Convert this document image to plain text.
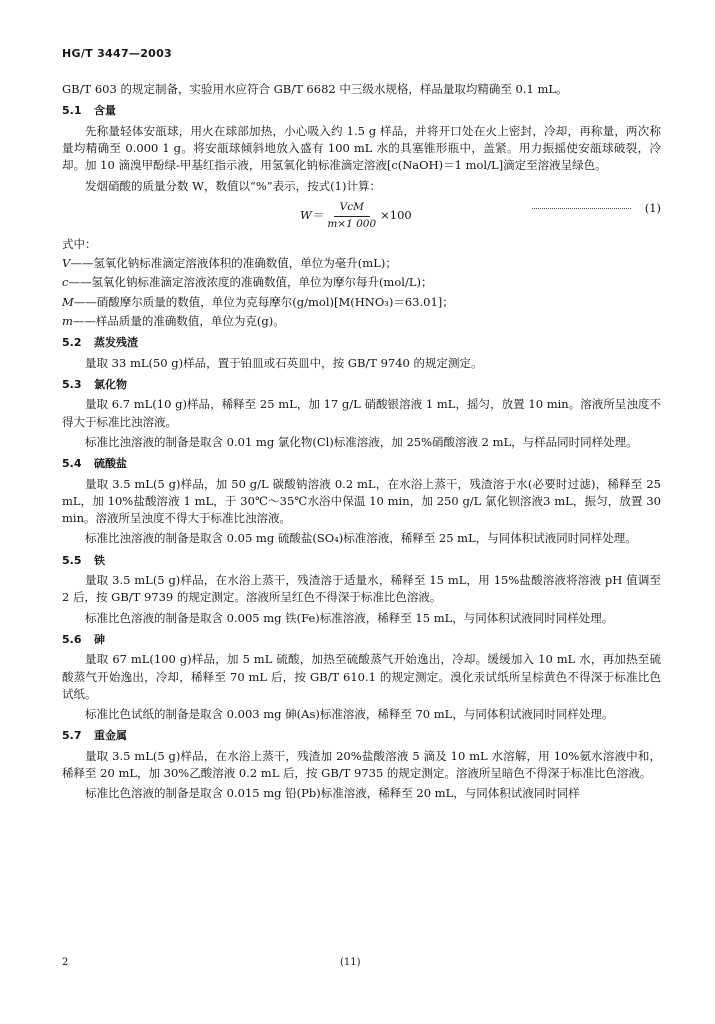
HG/T 3447—2003

GB/T 603 的规定制备，实验用水应符合 GB/T 6682 中三级水规格，样品量取均精确至 0.1 mL。

5.1 含量

先称量轻体安瓿球，用火在球部加热，小心吸入约 1.5 g 样品，并将开口处在火上密封，冷却，再称量，两次称量均精确至 0.000 1 g。将安瓿球倾斜地放入盛有 100 mL 水的具塞锥形瓶中，盖紧。用力振摇使安瓿球破裂，冷却。加 10 滴溴甲酚绿-甲基红指示液，用氢氧化钠标准滴定溶液[c(NaOH)＝1 mol/L]滴定至溶液呈绿色。

发烟硝酸的质量分数 W，数值以“%”表示，按式(1)计算：

$W= \frac{\text{VcM}}{m\times 1 000} \times 100$
(1)

式中：

V——氢氧化钠标准滴定溶液体积的准确数值，单位为毫升(mL)；

c——氢氧化钠标准滴定溶液浓度的准确数值，单位为摩尔每升(mol/L)；

M——硝酸摩尔质量的数值，单位为克每摩尔(g/mol)[M(HNO₃)＝63.01]；

m——样品质量的准确数值，单位为克(g)。

5.2 蒸发残渣

量取 33 mL(50 g)样品，置于铂皿或石英皿中，按 GB/T 9740 的规定测定。

5.3 氯化物

量取 6.7 mL(10 g)样品，稀释至 25 mL，加 17 g/L 硝酸银溶液 1 mL，摇匀，放置 10 min。溶液所呈浊度不得大于标准比浊溶液。

标准比浊溶液的制备是取含 0.01 mg 氯化物(Cl)标准溶液，加 25%硝酸溶液 2 mL，与样品同时同样处理。

5.4 硫酸盐

量取 3.5 mL(5 g)样品，加 50 g/L 碳酸钠溶液 0.2 mL，在水浴上蒸干，残渣溶于水(必要时过滤)，稀释至 25 mL，加 10%盐酸溶液 1 mL，于 30℃～35℃水浴中保温 10 min，加 250 g/L 氯化钡溶液3 mL，振匀，放置 30 min。溶液所呈浊度不得大于标准比浊溶液。

标准比浊溶液的制备是取含 0.05 mg 硫酸盐(SO₄)标准溶液，稀释至 25 mL，与同体积试液同时同样处理。

5.5 铁

量取 3.5 mL(5 g)样品，在水浴上蒸干，残渣溶于适量水，稀释至 15 mL，用 15%盐酸溶液将溶液 pH 值调至 2 后，按 GB/T 9739 的规定测定。溶液所呈红色不得深于标准比色溶液。

标准比色溶液的制备是取含 0.005 mg 铁(Fe)标准溶液，稀释至 15 mL，与同体积试液同时同样处理。

5.6 砷

量取 67 mL(100 g)样品，加 5 mL 硫酸，加热至硫酸蒸气开始逸出，冷却。缓缓加入 10 mL 水，再加热至硫酸蒸气开始逸出，冷却，稀释至 70 mL 后，按 GB/T 610.1 的规定测定。溴化汞试纸所呈棕黄色不得深于标准比色试纸。

标准比色试纸的制备是取含 0.003 mg 砷(As)标准溶液，稀释至 70 mL，与同体积试液同时同样处理。

5.7 重金属

量取 3.5 mL(5 g)样品，在水浴上蒸干，残渣加 20%盐酸溶液 5 滴及 10 mL 水溶解，用 10%氨水溶液中和，稀释至 20 mL，加 30%乙酸溶液 0.2 mL 后，按 GB/T 9735 的规定测定。溶液所呈暗色不得深于标准比色溶液。

标准比色溶液的制备是取含 0.015 mg 铅(Pb)标准溶液，稀释至 20 mL，与同体积试液同时同样

2	(11)
